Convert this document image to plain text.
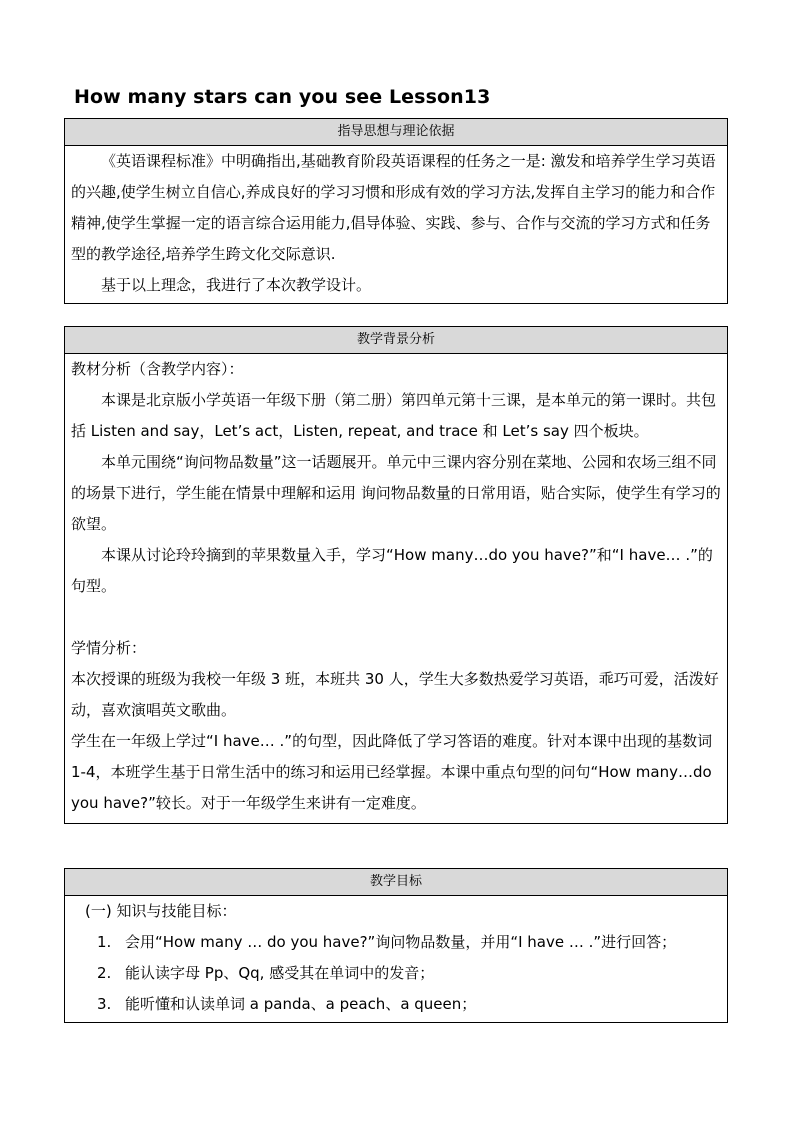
How many stars can you see Lesson13
指导思想与理论依据

《英语课程标准》中明确指出,基础教育阶段英语课程的任务之一是: 激发和培养学生学习英语的兴趣,使学生树立自信心,养成良好的学习习惯和形成有效的学习方法,发挥自主学习的能力和合作精神,使学生掌握一定的语言综合运用能力,倡导体验、实践、参与、合作与交流的学习方式和任务型的教学途径,培养学生跨文化交际意识.

基于以上理念，我进行了本次教学设计。

教学背景分析

教材分析（含教学内容）：

本课是北京版小学英语一年级下册（第二册）第四单元第十三课，是本单元的第一课时。共包括 Listen and say，Let’s act，Listen, repeat, and trace 和 Let’s say 四个板块。

本单元围绕“询问物品数量”这一话题展开。单元中三课内容分别在菜地、公园和农场三组不同的场景下进行，学生能在情景中理解和运用 询问物品数量的日常用语，贴合实际，使学生有学习的欲望。

本课从讨论玲玲摘到的苹果数量入手，学习“How many…do you have?”和“I have… .”的句型。

学情分析：

本次授课的班级为我校一年级 3 班，本班共 30 人，学生大多数热爱学习英语，乖巧可爱，活泼好动，喜欢演唱英文歌曲。

学生在一年级上学过“I have… .”的句型，因此降低了学习答语的难度。针对本课中出现的基数词 1-4，本班学生基于日常生活中的练习和运用已经掌握。本课中重点句型的问句“How many…do you have?”较长。对于一年级学生来讲有一定难度。

教学目标

(一) 知识与技能目标：

1. 会用“How many … do you have?”询问物品数量，并用“I have … .”进行回答；
2. 能认读字母 Pp、Qq, 感受其在单词中的发音；
3. 能听懂和认读单词 a panda、a peach、a queen；
